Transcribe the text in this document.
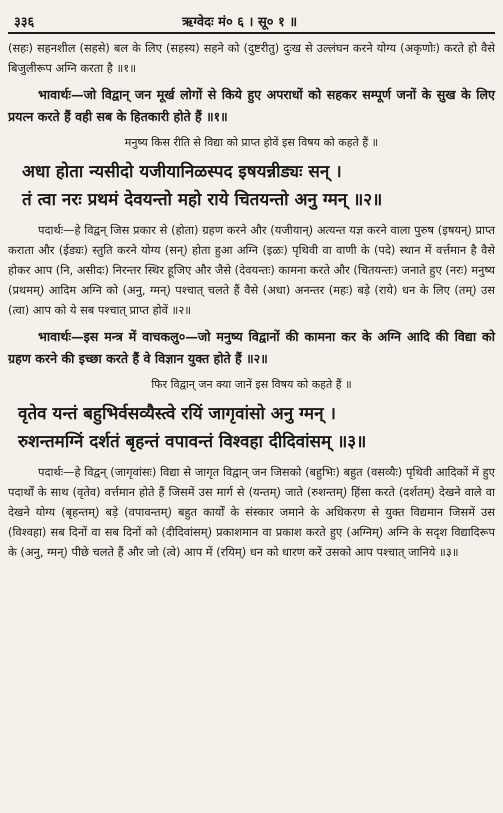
३३६	ऋग्वेदः मं० ६ । सू० १ ॥

(सहः) सहनशील (सहसे) बल के लिए (सहस्य) सहने को (दुष्टरीतु) दुःख से उल्लंघन करने योग्य (अकृणोः) करते हो वैसे बिजुलीरूप अग्नि करता है ॥१॥

भावार्थः—जो विद्वान् जन मूर्ख लोगों से किये हुए अपराधों को सहकर सम्पूर्ण जनों के सुख के लिए प्रयत्न करते हैं वही सब के हितकारी होते हैं ॥१॥

मनुष्य किस रीति से विद्या को प्राप्त होवें इस विषय को कहते हैं ॥

अधा होता न्यसीदो यजीयानिळस्पद इषयन्नीड्यः सन् ।
तं त्वा नरः प्रथमं देवयन्तो महो राये चितयन्तो अनु ग्मन् ॥२॥

पदार्थः—हे विद्वन् जिस प्रकार से (होता) ग्रहण करने और (यजीयान्) अत्यन्त यज्ञ करने वाला पुरुष (इषयन्) प्राप्त कराता और (ईड्यः) स्तुति करने योग्य (सन्) होता हुआ अग्नि (इळः) पृथिवी वा वाणी के (पदे) स्थान में वर्त्तमान है वैसे होकर आप (नि, असीदः) निरन्तर स्थिर हूजिए और जैसे (देवयन्तः) कामना करते और (चितयन्तः) जनाते हुए (नरः) मनुष्य (प्रथमम्) आदिम अग्नि को (अनु, ग्मन्) पश्चात् चलते हैं वैसे (अधा) अनन्तर (महः) बड़े (राये) धन के लिए (तम्) उस (त्वा) आप को ये सब पश्चात् प्राप्त होवें ॥२॥

भावार्थः—इस मन्त्र में वाचकलु०—जो मनुष्य विद्वानों की कामना कर के अग्नि आदि की विद्या को ग्रहण करने की इच्छा करते हैं वे विज्ञान युक्त होते हैं ॥२॥

फिर विद्वान् जन क्या जानें इस विषय को कहते हैं ॥

वृतेव यन्तं बहुभिर्वसव्यैस्त्वे रयिं जागृवांसो अनु ग्मन् ।
रुशन्तमग्निं दर्शतं बृहन्तं वपावन्तं विश्वहा दीदिवांसम् ॥३॥

पदार्थः—हे विद्वन् (जागृवांसः) विद्या से जागृत विद्वान् जन जिसको (बहुभिः) बहुत (वसव्यैः) पृथिवी आदिकों में हुए पदार्थों के साथ (वृतेव) वर्त्तमान होते हैं जिसमें उस मार्ग से (यन्तम्) जाते (रुशन्तम्) हिंसा करते (दर्शतम्) देखने वाले वा देखने योग्य (बृहन्तम्) बड़े (वपावन्तम्) बहुत कार्यों के संस्कार जमाने के अधिकरण से युक्त विद्यमान जिसमें उस (विश्वहा) सब दिनों वा सब दिनों को (दीदिवांसम्) प्रकाशमान वा प्रकाश करते हुए (अग्निम्) अग्नि के सदृश विद्यादिरूप के (अनु, ग्मन्) पीछे चलते हैं और जो (त्वे) आप में (रयिम्) धन को धारण करें उसको आप पश्चात् जानिये ॥३॥
